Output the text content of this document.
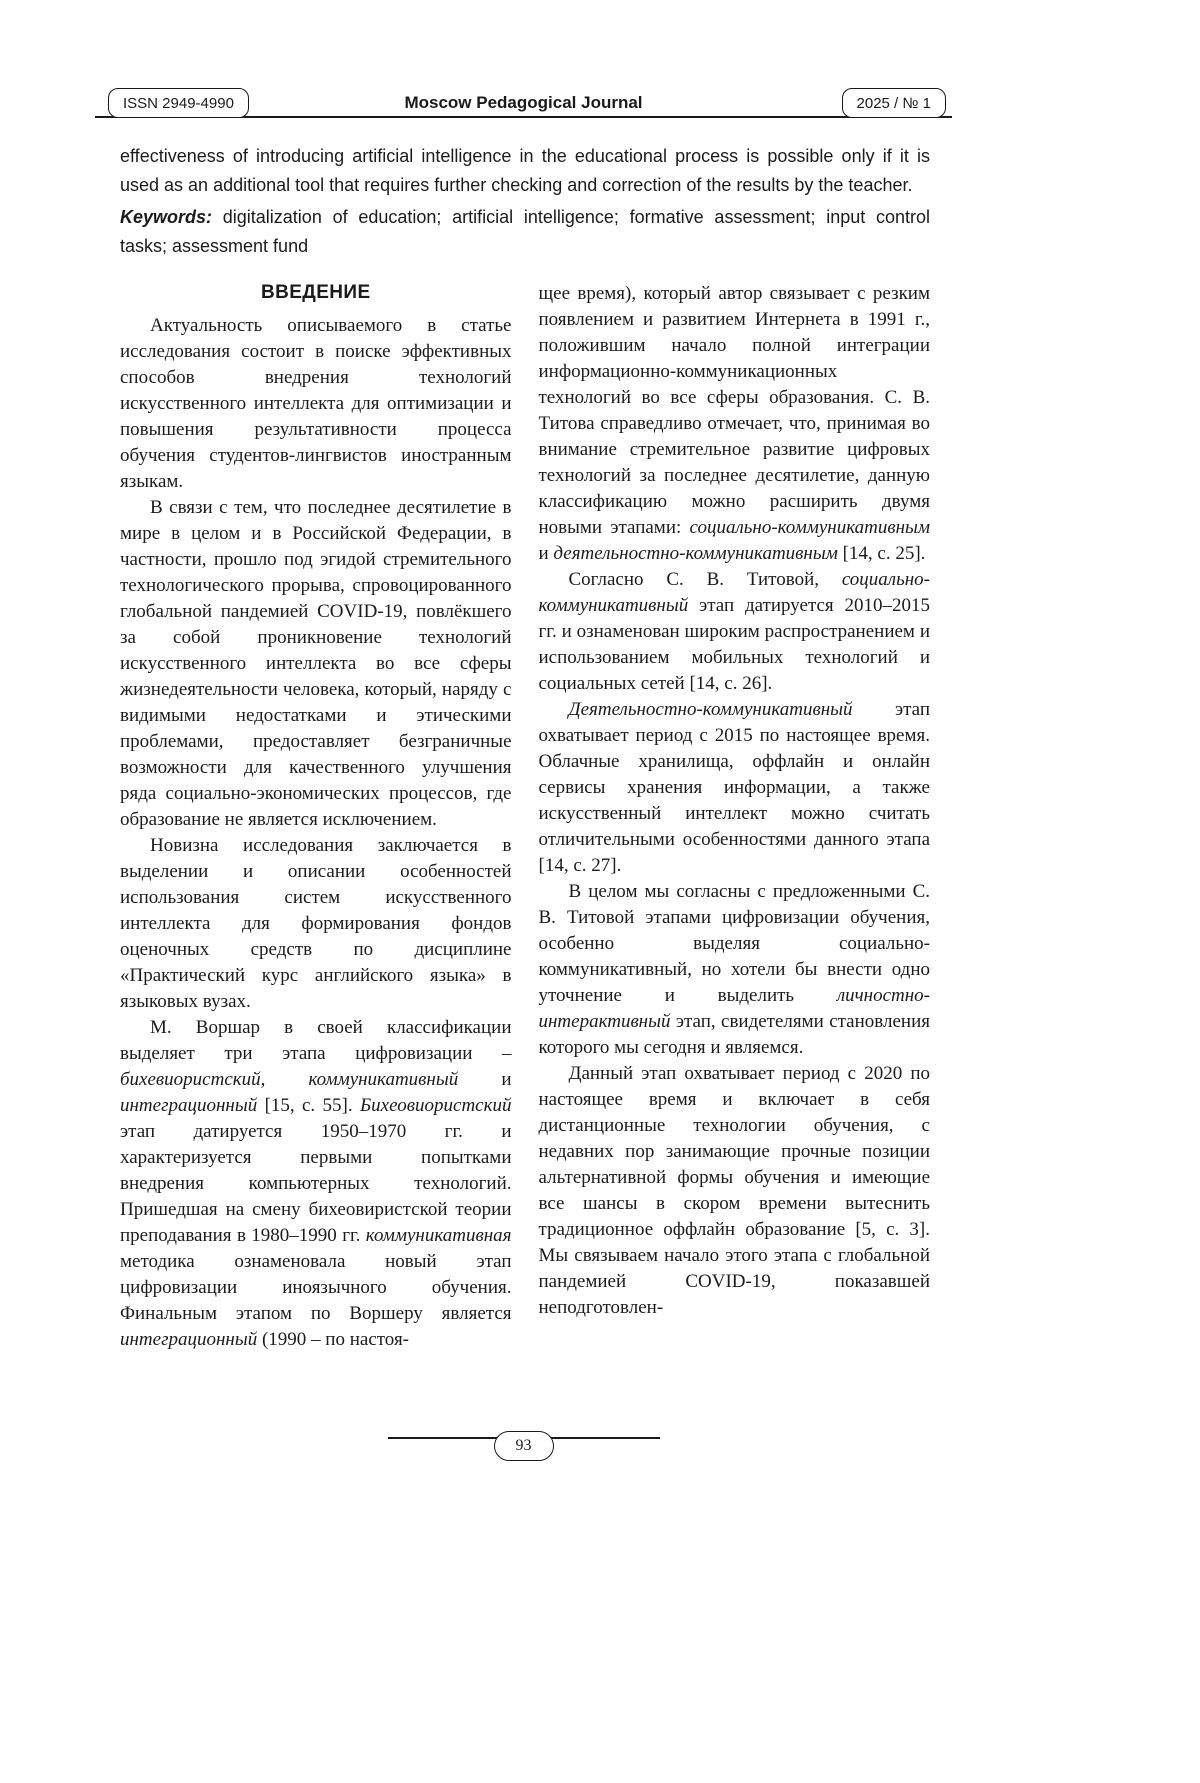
ISSN 2949-4990	Moscow Pedagogical Journal	2025 / № 1

effectiveness of introducing artificial intelligence in the educational process is possible only if it is used as an additional tool that requires further checking and correction of the results by the teacher.

Keywords: digitalization of education; artificial intelligence; formative assessment; input control tasks; assessment fund

ВВЕДЕНИЕ

Актуальность описываемого в статье исследования состоит в поиске эффективных способов внедрения технологий искусственного интеллекта для оптимизации и повышения результативности процесса обучения студентов-лингвистов иностранным языкам.

В связи с тем, что последнее десятилетие в мире в целом и в Российской Федерации, в частности, прошло под эгидой стремительного технологического прорыва, спровоцированного глобальной пандемией COVID-19, повлёкшего за собой проникновение технологий искусственного интеллекта во все сферы жизнедеятельности человека, который, наряду с видимыми недостатками и этическими проблемами, предоставляет безграничные возможности для качественного улучшения ряда социально-экономических процессов, где образование не является исключением.

Новизна исследования заключается в выделении и описании особенностей использования систем искусственного интеллекта для формирования фондов оценочных средств по дисциплине «Практический курс английского языка» в языковых вузах.

М. Воршар в своей классификации выделяет три этапа цифровизации – бихевиористский, коммуникативный и интеграционный [15, с. 55]. Бихеовиористский этап датируется 1950–1970 гг. и характеризуется первыми попытками внедрения компьютерных технологий. Пришедшая на смену бихеовиристской теории преподавания в 1980–1990 гг. коммуникативная методика ознаменовала новый этап цифровизации иноязычного обучения. Финальным этапом по Воршеру является интеграционный (1990 – по настоя-

щее время), который автор связывает с резким появлением и развитием Интернета в 1991 г., положившим начало полной интеграции информационно-коммуникационных технологий во все сферы образования. С. В. Титова справедливо отмечает, что, принимая во внимание стремительное развитие цифровых технологий за последнее десятилетие, данную классификацию можно расширить двумя новыми этапами: социально-коммуникативным и деятельностно-коммуникативным [14, с. 25].

Согласно С. В. Титовой, социально-коммуникативный этап датируется 2010–2015 гг. и ознаменован широким распространением и использованием мобильных технологий и социальных сетей [14, с. 26].

Деятельностно-коммуникативный этап охватывает период с 2015 по настоящее время. Облачные хранилища, оффлайн и онлайн сервисы хранения информации, а также искусственный интеллект можно считать отличительными особенностями данного этапа [14, с. 27].

В целом мы согласны с предложенными С. В. Титовой этапами цифровизации обучения, особенно выделяя социально-коммуникативный, но хотели бы внести одно уточнение и выделить личностно-интерактивный этап, свидетелями становления которого мы сегодня и являемся.

Данный этап охватывает период с 2020 по настоящее время и включает в себя дистанционные технологии обучения, с недавних пор занимающие прочные позиции альтернативной формы обучения и имеющие все шансы в скором времени вытеснить традиционное оффлайн образование [5, с. 3]. Мы связываем начало этого этапа с глобальной пандемией COVID-19, показавшей неподготовлен-

93
